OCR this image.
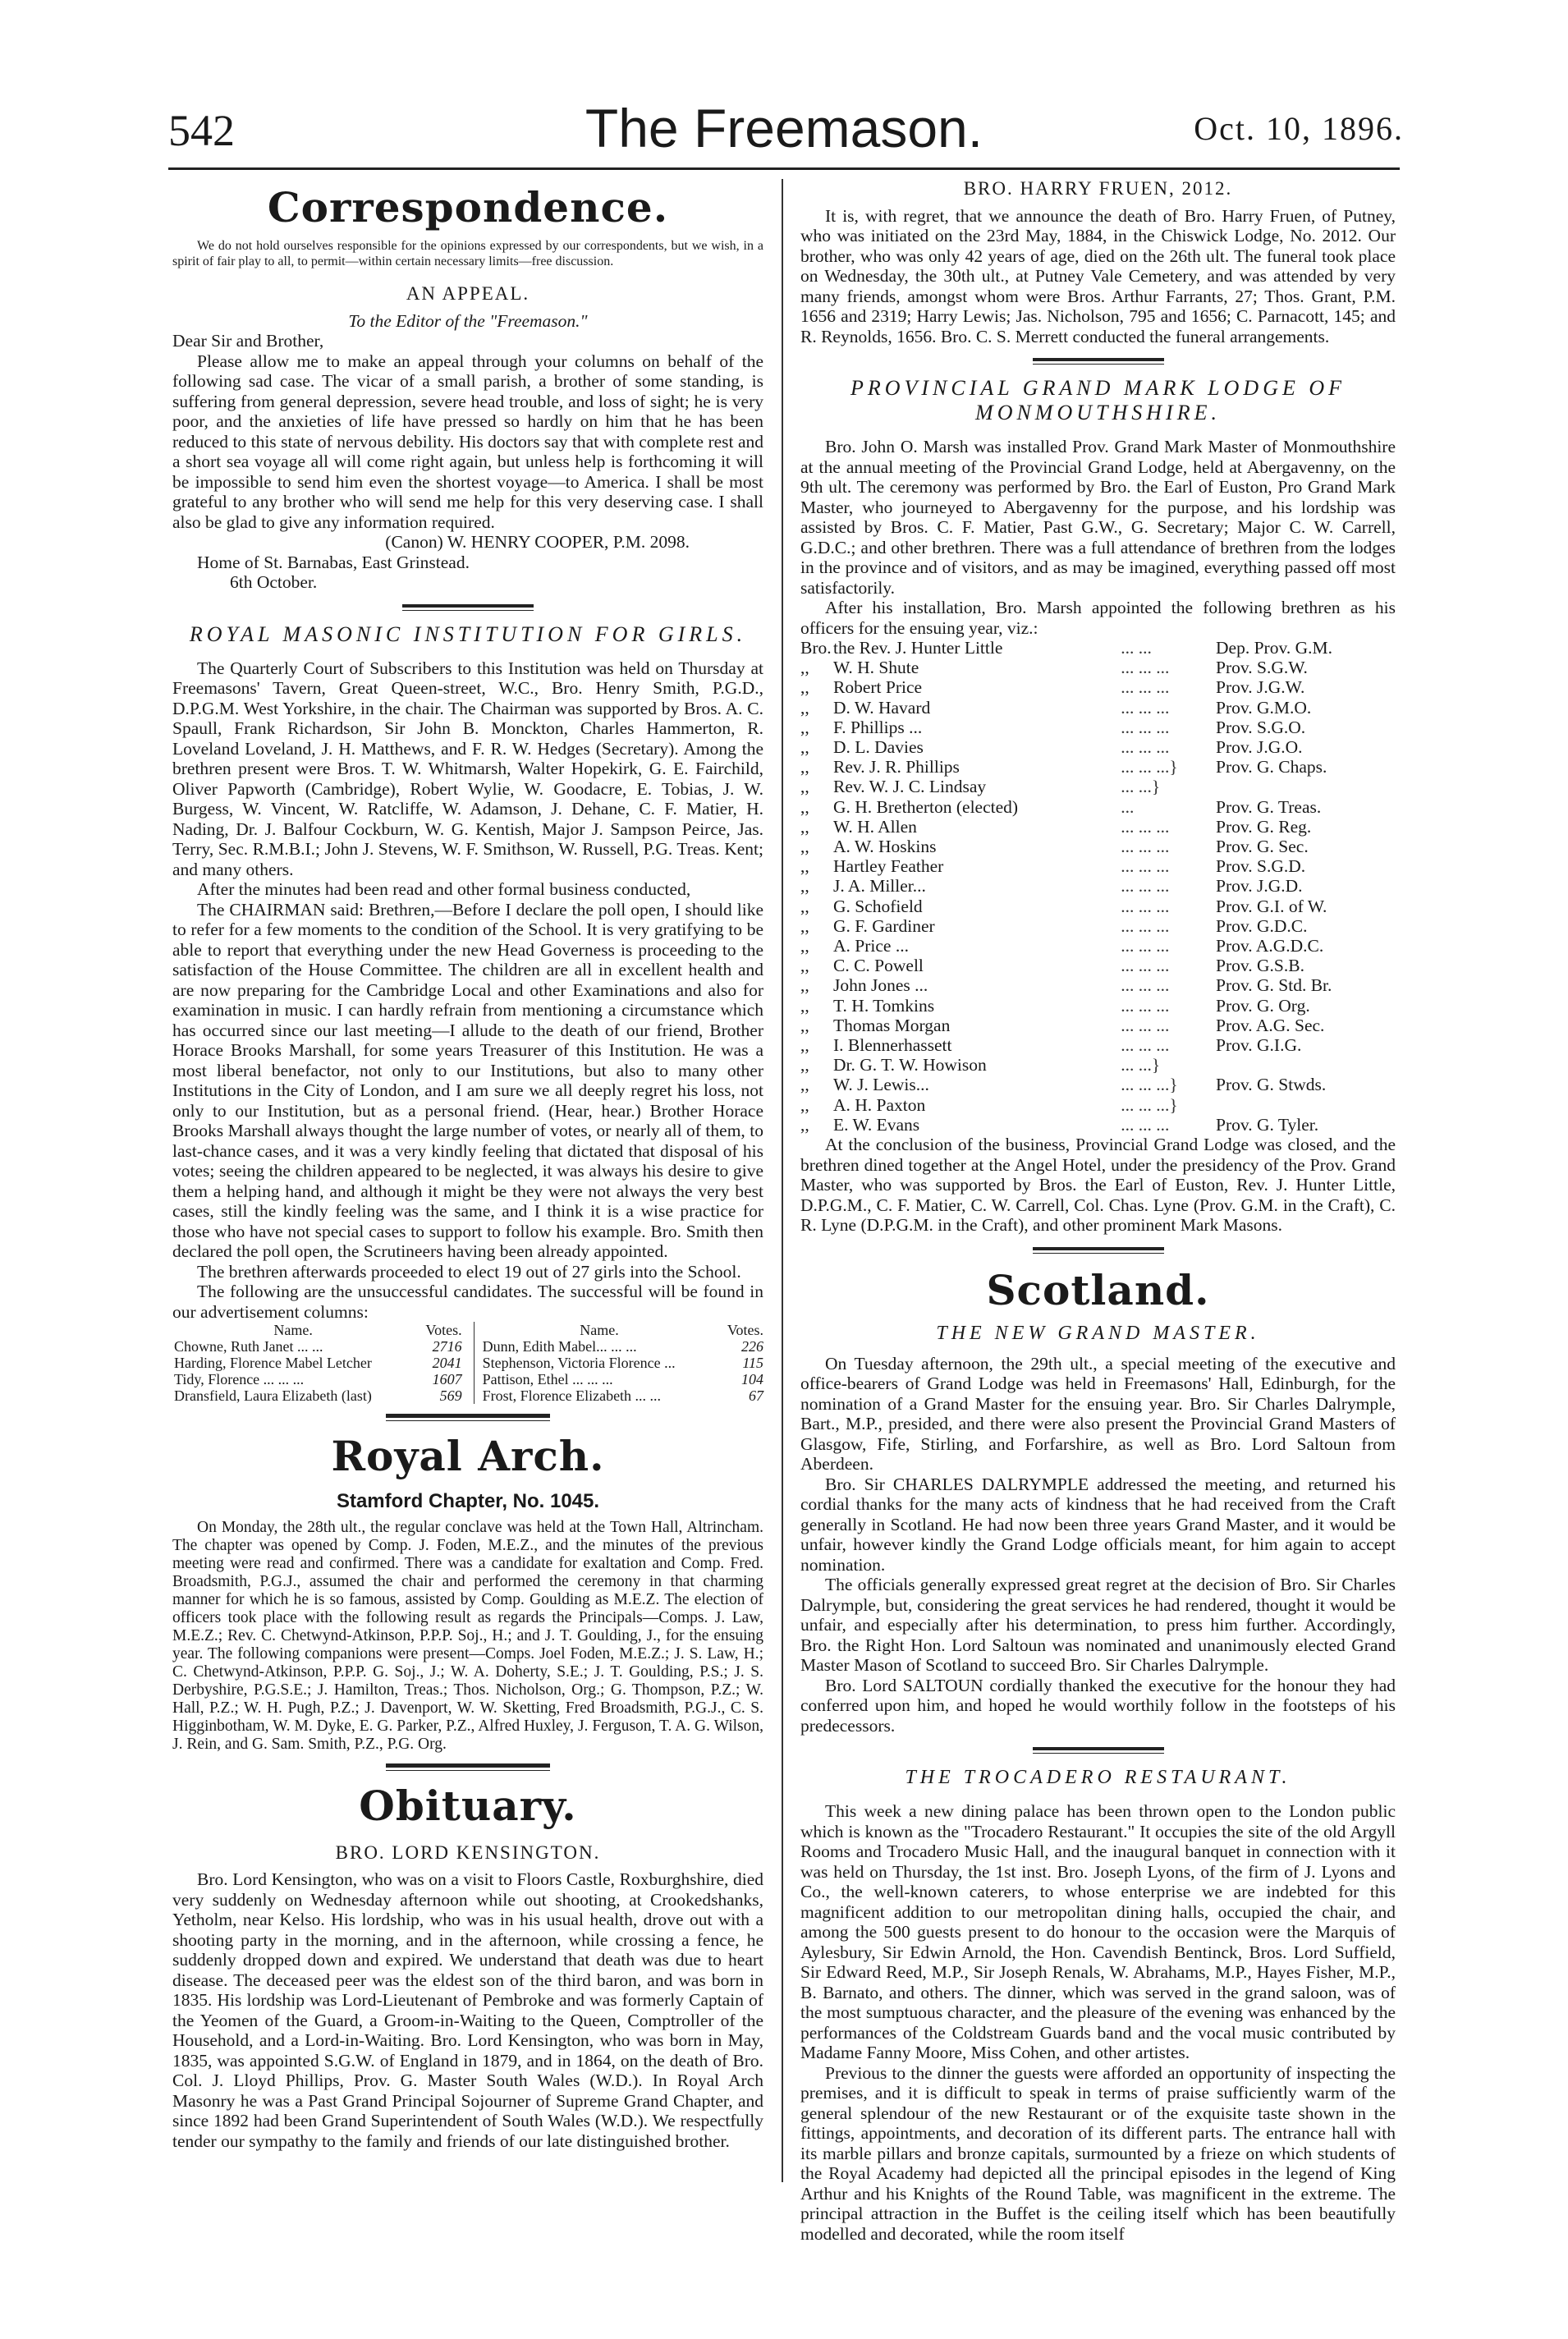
542	The Freemason.	Oct. 10, 1896.
Correspondence.

We do not hold ourselves responsible for the opinions expressed by our correspondents, but we wish, in a spirit of fair play to all, to permit—within certain necessary limits—free discussion.

AN APPEAL.
To the Editor of the "Freemason."

Dear Sir and Brother,

Please allow me to make an appeal through your columns on behalf of the following sad case. The vicar of a small parish, a brother of some standing, is suffering from general depression, severe head trouble, and loss of sight; he is very poor, and the anxieties of life have pressed so hardly on him that he has been reduced to this state of nervous debility. His doctors say that with complete rest and a short sea voyage all will come right again, but unless help is forthcoming it will be impossible to send him even the shortest voyage—to America. I shall be most grateful to any brother who will send me help for this very deserving case. I shall also be glad to give any information required.

(Canon) W. HENRY COOPER, P.M. 2098.

Home of St. Barnabas, East Grinstead.

6th October.

ROYAL MASONIC INSTITUTION FOR GIRLS.

The Quarterly Court of Subscribers to this Institution was held on Thursday at Freemasons' Tavern, Great Queen-street, W.C., Bro. Henry Smith, P.G.D., D.P.G.M. West Yorkshire, in the chair. The Chairman was supported by Bros. A. C. Spaull, Frank Richardson, Sir John B. Monckton, Charles Hammerton, R. Loveland Loveland, J. H. Matthews, and F. R. W. Hedges (Secretary). Among the brethren present were Bros. T. W. Whitmarsh, Walter Hopekirk, G. E. Fairchild, Oliver Papworth (Cambridge), Robert Wylie, W. Goodacre, E. Tobias, J. W. Burgess, W. Vincent, W. Ratcliffe, W. Adamson, J. Dehane, C. F. Matier, H. Nading, Dr. J. Balfour Cockburn, W. G. Kentish, Major J. Sampson Peirce, Jas. Terry, Sec. R.M.B.I.; John J. Stevens, W. F. Smithson, W. Russell, P.G. Treas. Kent; and many others.

After the minutes had been read and other formal business conducted,

The CHAIRMAN said: Brethren,—Before I declare the poll open, I should like to refer for a few moments to the condition of the School. It is very gratifying to be able to report that everything under the new Head Governess is proceeding to the satisfaction of the House Committee. The children are all in excellent health and are now preparing for the Cambridge Local and other Examinations and also for examination in music. I can hardly refrain from mentioning a circumstance which has occurred since our last meeting—I allude to the death of our friend, Brother Horace Brooks Marshall, for some years Treasurer of this Institution. He was a most liberal benefactor, not only to our Institutions, but also to many other Institutions in the City of London, and I am sure we all deeply regret his loss, not only to our Institution, but as a personal friend. (Hear, hear.) Brother Horace Brooks Marshall always thought the large number of votes, or nearly all of them, to last-chance cases, and it was a very kindly feeling that dictated that disposal of his votes; seeing the children appeared to be neglected, it was always his desire to give them a helping hand, and although it might be they were not always the very best cases, still the kindly feeling was the same, and I think it is a wise practice for those who have not special cases to support to follow his example. Bro. Smith then declared the poll open, the Scrutineers having been already appointed.

The brethren afterwards proceeded to elect 19 out of 27 girls into the School.

The following are the unsuccessful candidates. The successful will be found in our advertisement columns:

Name.	Votes.	Name.	Votes.
Chowne, Ruth Janet ... ...	2716	Dunn, Edith Mabel... ... ...	226
Harding, Florence Mabel Letcher	2041	Stephenson, Victoria Florence ...	115
Tidy, Florence ... ... ...	1607	Pattison, Ethel ... ... ...	104
Dransfield, Laura Elizabeth (last)	569	Frost, Florence Elizabeth ... ...	67
Royal Arch.
Stamford Chapter, No. 1045.

On Monday, the 28th ult., the regular conclave was held at the Town Hall, Altrincham. The chapter was opened by Comp. J. Foden, M.E.Z., and the minutes of the previous meeting were read and confirmed. There was a candidate for exaltation and Comp. Fred. Broadsmith, P.G.J., assumed the chair and performed the ceremony in that charming manner for which he is so famous, assisted by Comp. Goulding as M.E.Z. The election of officers took place with the following result as regards the Principals—Comps. J. Law, M.E.Z.; Rev. C. Chetwynd-Atkinson, P.P.P. Soj., H.; and J. T. Goulding, J., for the ensuing year. The following companions were present—Comps. Joel Foden, M.E.Z.; J. S. Law, H.; C. Chetwynd-Atkinson, P.P.P. G. Soj., J.; W. A. Doherty, S.E.; J. T. Goulding, P.S.; J. S. Derbyshire, P.G.S.E.; J. Hamilton, Treas.; Thos. Nicholson, Org.; G. Thompson, P.Z.; W. Hall, P.Z.; W. H. Pugh, P.Z.; J. Davenport, W. W. Sketting, Fred Broadsmith, P.G.J., C. S. Higginbotham, W. M. Dyke, E. G. Parker, P.Z., Alfred Huxley, J. Ferguson, T. A. G. Wilson, J. Rein, and G. Sam. Smith, P.Z., P.G. Org.

Obituary.
BRO. LORD KENSINGTON.

Bro. Lord Kensington, who was on a visit to Floors Castle, Roxburghshire, died very suddenly on Wednesday afternoon while out shooting, at Crookedshanks, Yetholm, near Kelso. His lordship, who was in his usual health, drove out with a shooting party in the morning, and in the afternoon, while crossing a fence, he suddenly dropped down and expired. We understand that death was due to heart disease. The deceased peer was the eldest son of the third baron, and was born in 1835. His lordship was Lord-Lieutenant of Pembroke and was formerly Captain of the Yeomen of the Guard, a Groom-in-Waiting to the Queen, Comptroller of the Household, and a Lord-in-Waiting. Bro. Lord Kensington, who was born in May, 1835, was appointed S.G.W. of England in 1879, and in 1864, on the death of Bro. Col. J. Lloyd Phillips, Prov. G. Master South Wales (W.D.). In Royal Arch Masonry he was a Past Grand Principal Sojourner of Supreme Grand Chapter, and since 1892 had been Grand Superintendent of South Wales (W.D.). We respectfully tender our sympathy to the family and friends of our late distinguished brother.

BRO. HARRY FRUEN, 2012.

It is, with regret, that we announce the death of Bro. Harry Fruen, of Putney, who was initiated on the 23rd May, 1884, in the Chiswick Lodge, No. 2012. Our brother, who was only 42 years of age, died on the 26th ult. The funeral took place on Wednesday, the 30th ult., at Putney Vale Cemetery, and was attended by very many friends, amongst whom were Bros. Arthur Farrants, 27; Thos. Grant, P.M. 1656 and 2319; Harry Lewis; Jas. Nicholson, 795 and 1656; C. Parnacott, 145; and R. Reynolds, 1656. Bro. C. S. Merrett conducted the funeral arrangements.

PROVINCIAL GRAND MARK LODGE OF MONMOUTHSHIRE.

Bro. John O. Marsh was installed Prov. Grand Mark Master of Monmouthshire at the annual meeting of the Provincial Grand Lodge, held at Abergavenny, on the 9th ult. The ceremony was performed by Bro. the Earl of Euston, Pro Grand Mark Master, who journeyed to Abergavenny for the purpose, and his lordship was assisted by Bros. C. F. Matier, Past G.W., G. Secretary; Major C. W. Carrell, G.D.C.; and other brethren. There was a full attendance of brethren from the lodges in the province and of visitors, and as may be imagined, everything passed off most satisfactorily.

After his installation, Bro. Marsh appointed the following brethren as his officers for the ensuing year, viz.:

Bro.	the Rev. J. Hunter Little	... ...	Dep. Prov. G.M.
,,	W. H. Shute	... ... ...	Prov. S.G.W.
,,	Robert Price	... ... ...	Prov. J.G.W.
,,	D. W. Havard	... ... ...	Prov. G.M.O.
,,	F. Phillips ...	... ... ...	Prov. S.G.O.
,,	D. L. Davies	... ... ...	Prov. J.G.O.
,,	Rev. J. R. Phillips	... ... ...}	Prov. G. Chaps.
,,	Rev. W. J. C. Lindsay	... ...}	
,,	G. H. Bretherton (elected)	...	Prov. G. Treas.
,,	W. H. Allen	... ... ...	Prov. G. Reg.
,,	A. W. Hoskins	... ... ...	Prov. G. Sec.
,,	Hartley Feather	... ... ...	Prov. S.G.D.
,,	J. A. Miller...	... ... ...	Prov. J.G.D.
,,	G. Schofield	... ... ...	Prov. G.I. of W.
,,	G. F. Gardiner	... ... ...	Prov. G.D.C.
,,	A. Price ...	... ... ...	Prov. A.G.D.C.
,,	C. C. Powell	... ... ...	Prov. G.S.B.
,,	John Jones ...	... ... ...	Prov. G. Std. Br.
,,	T. H. Tomkins	... ... ...	Prov. G. Org.
,,	Thomas Morgan	... ... ...	Prov. A.G. Sec.
,,	I. Blennerhassett	... ... ...	Prov. G.I.G.
,,	Dr. G. T. W. Howison	... ...}	
,,	W. J. Lewis...	... ... ...}	Prov. G. Stwds.
,,	A. H. Paxton	... ... ...}	
,,	E. W. Evans	... ... ...	Prov. G. Tyler.

At the conclusion of the business, Provincial Grand Lodge was closed, and the brethren dined together at the Angel Hotel, under the presidency of the Prov. Grand Master, who was supported by Bros. the Earl of Euston, Rev. J. Hunter Little, D.P.G.M., C. F. Matier, C. W. Carrell, Col. Chas. Lyne (Prov. G.M. in the Craft), C. R. Lyne (D.P.G.M. in the Craft), and other prominent Mark Masons.

Scotland.
THE NEW GRAND MASTER.

On Tuesday afternoon, the 29th ult., a special meeting of the executive and office-bearers of Grand Lodge was held in Freemasons' Hall, Edinburgh, for the nomination of a Grand Master for the ensuing year. Bro. Sir Charles Dalrymple, Bart., M.P., presided, and there were also present the Provincial Grand Masters of Glasgow, Fife, Stirling, and Forfarshire, as well as Bro. Lord Saltoun from Aberdeen.

Bro. Sir CHARLES DALRYMPLE addressed the meeting, and returned his cordial thanks for the many acts of kindness that he had received from the Craft generally in Scotland. He had now been three years Grand Master, and it would be unfair, however kindly the Grand Lodge officials meant, for him again to accept nomination.

The officials generally expressed great regret at the decision of Bro. Sir Charles Dalrymple, but, considering the great services he had rendered, thought it would be unfair, and especially after his determination, to press him further. Accordingly, Bro. the Right Hon. Lord Saltoun was nominated and unanimously elected Grand Master Mason of Scotland to succeed Bro. Sir Charles Dalrymple.

Bro. Lord SALTOUN cordially thanked the executive for the honour they had conferred upon him, and hoped he would worthily follow in the footsteps of his predecessors.

THE TROCADERO RESTAURANT.

This week a new dining palace has been thrown open to the London public which is known as the "Trocadero Restaurant." It occupies the site of the old Argyll Rooms and Trocadero Music Hall, and the inaugural banquet in connection with it was held on Thursday, the 1st inst. Bro. Joseph Lyons, of the firm of J. Lyons and Co., the well-known caterers, to whose enterprise we are indebted for this magnificent addition to our metropolitan dining halls, occupied the chair, and among the 500 guests present to do honour to the occasion were the Marquis of Aylesbury, Sir Edwin Arnold, the Hon. Cavendish Bentinck, Bros. Lord Suffield, Sir Edward Reed, M.P., Sir Joseph Renals, W. Abrahams, M.P., Hayes Fisher, M.P., B. Barnato, and others. The dinner, which was served in the grand saloon, was of the most sumptuous character, and the pleasure of the evening was enhanced by the performances of the Coldstream Guards band and the vocal music contributed by Madame Fanny Moore, Miss Cohen, and other artistes.

Previous to the dinner the guests were afforded an opportunity of inspecting the premises, and it is difficult to speak in terms of praise sufficiently warm of the general splendour of the new Restaurant or of the exquisite taste shown in the fittings, appointments, and decoration of its different parts. The entrance hall with its marble pillars and bronze capitals, surmounted by a frieze on which students of the Royal Academy had depicted all the principal episodes in the legend of King Arthur and his Knights of the Round Table, was magnificent in the extreme. The principal attraction in the Buffet is the ceiling itself which has been beautifully modelled and decorated, while the room itself
